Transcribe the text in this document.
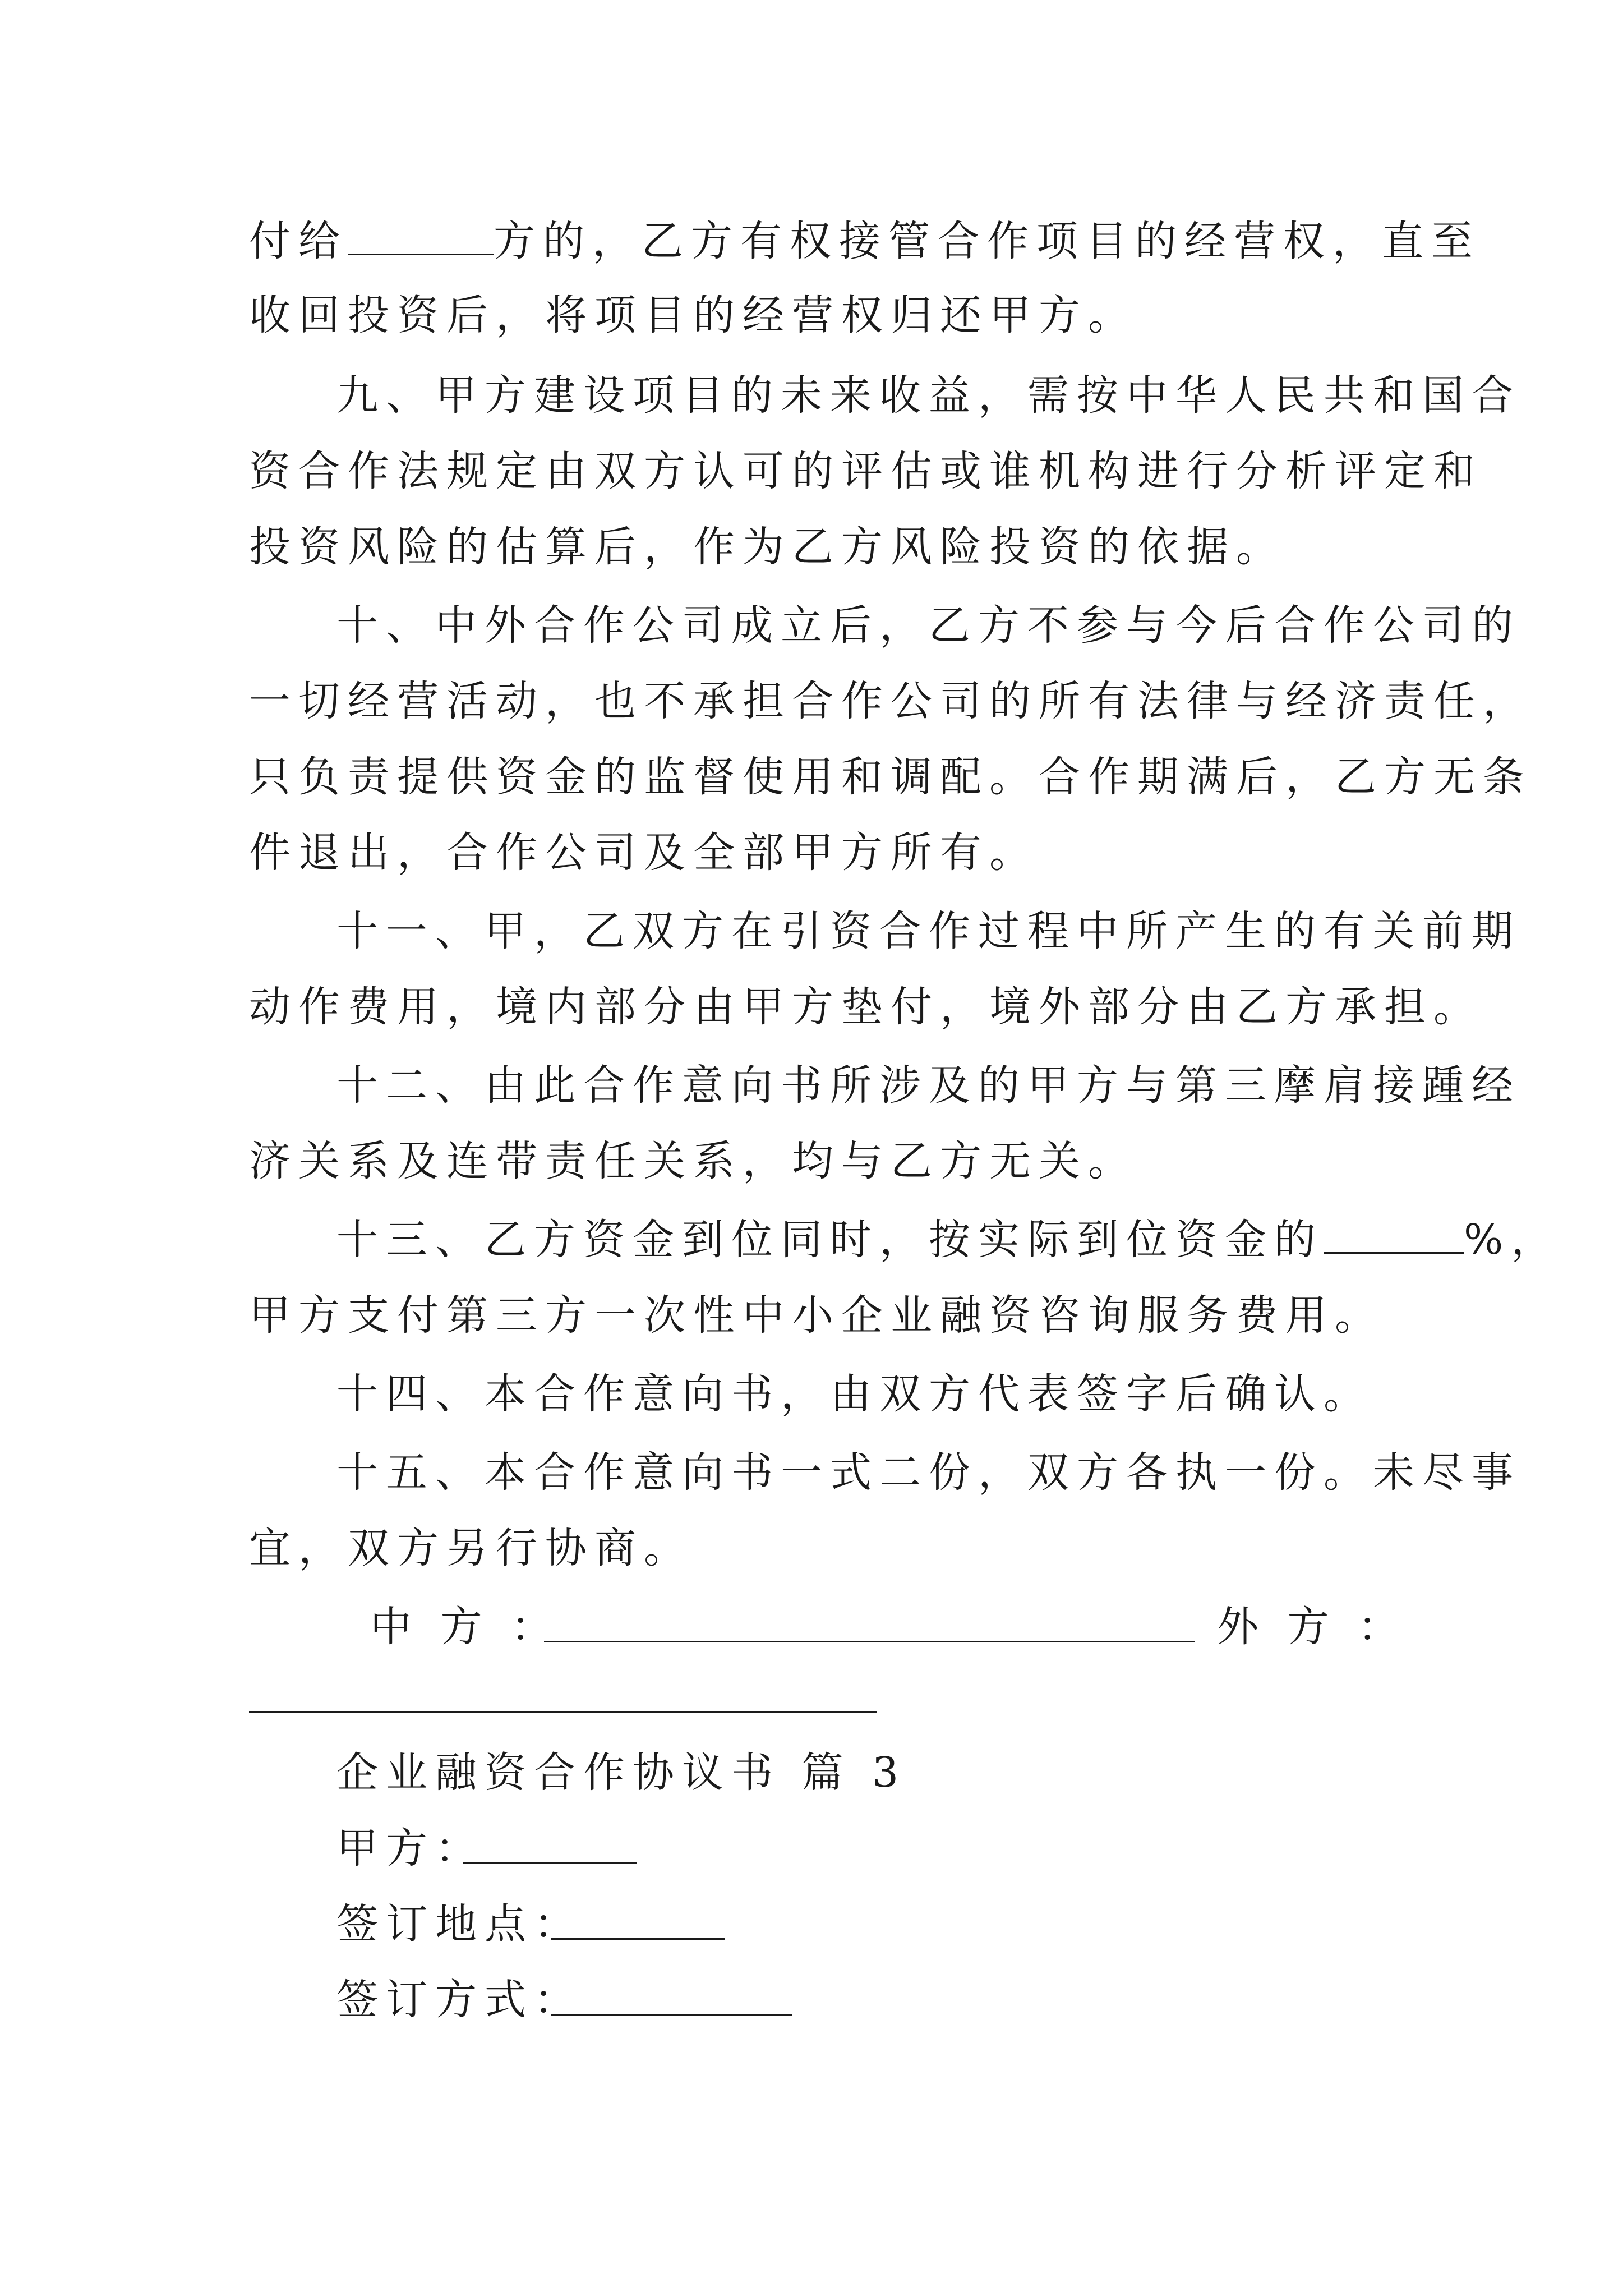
付给	方的，乙方有权接管合作项目的经营权，直至
收回投资后，将项目的经营权归还甲方。
九、甲方建设项目的未来收益，需按中华人民共和国合
资合作法规定由双方认可的评估或谁机构进行分析评定和
投资风险的估算后，作为乙方风险投资的依据。
十、中外合作公司成立后，乙方不参与今后合作公司的
一切经营活动，也不承担合作公司的所有法律与经济责任，
只负责提供资金的监督使用和调配。合作期满后，乙方无条
件退出，合作公司及全部甲方所有。
十一、甲，乙双方在引资合作过程中所产生的有关前期
动作费用，境内部分由甲方垫付，境外部分由乙方承担。
十二、由此合作意向书所涉及的甲方与第三摩肩接踵经
济关系及连带责任关系，均与乙方无关。
十三、乙方资金到位同时，按实际到位资金的	%，
甲方支付第三方一次性中小企业融资咨询服务费用。
十四、本合作意向书，由双方代表签字后确认。
十五、本合作意向书一式二份，双方各执一份。未尽事
宜，双方另行协商。
中 方 ：	外 方 ：
企业融资合作协议书 篇 3
甲方：
签订地点：
签订方式：
